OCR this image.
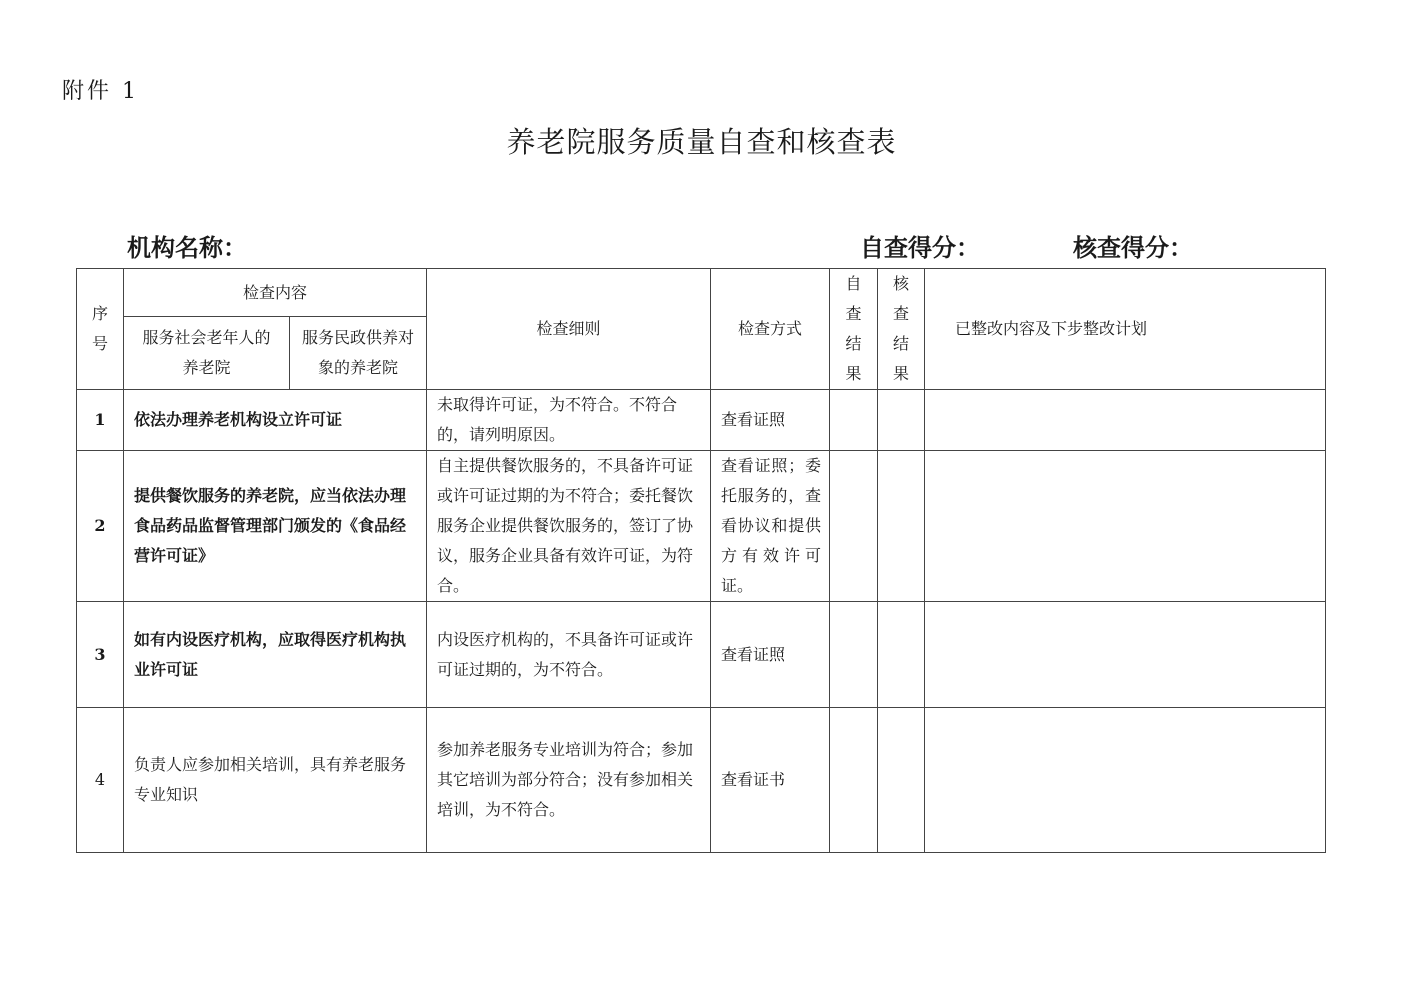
附件 1
养老院服务质量自查和核查表
机构名称：	自查得分：	核查得分：
序号	检查内容		检查细则	检查方式	自查结果	核查结果	已整改内容及下步整改计划
	服务社会老年人的养老院	服务民政供养对象的养老院					
1	依法办理养老机构设立许可证		未取得许可证，为不符合。不符合的，请列明原因。	查看证照			
2	提供餐饮服务的养老院，应当依法办理食品药品监督管理部门颁发的《食品经营许可证》		自主提供餐饮服务的，不具备许可证或许可证过期的为不符合；委托餐饮服务企业提供餐饮服务的，签订了协议，服务企业具备有效许可证，为符合。	查看证照；委托服务的，查看协议和提供方有效许可证。			
3	如有内设医疗机构，应取得医疗机构执业许可证		内设医疗机构的，不具备许可证或许可证过期的，为不符合。	查看证照			
4	负责人应参加相关培训，具有养老服务专业知识		参加养老服务专业培训为符合；参加其它培训为部分符合；没有参加相关培训，为不符合。	查看证书			
